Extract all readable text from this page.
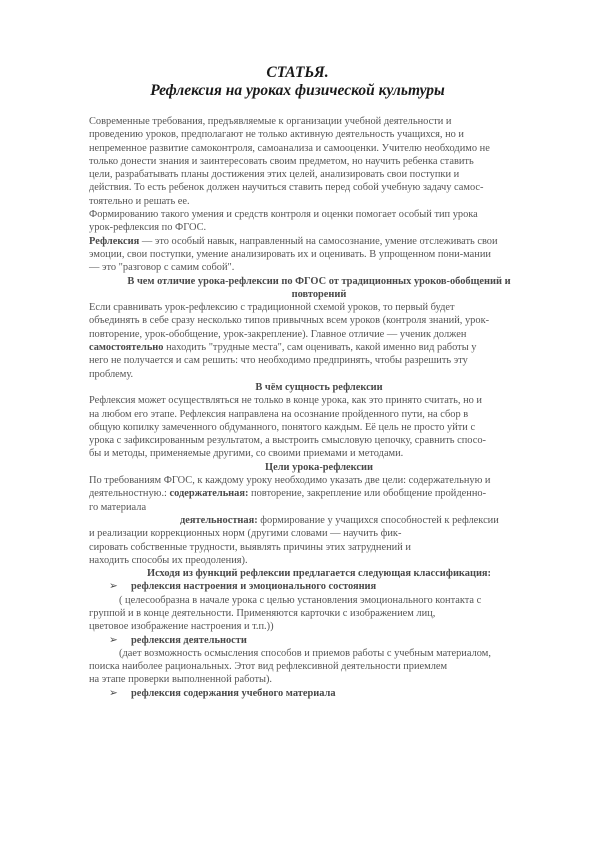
СТАТЬЯ.
Рефлексия на уроках физической культуры
Современные требования, предъявляемые к организации учебной деятельности и
проведению уроков, предполагают не только активную деятельность учащихся, но и
непременное развитие самоконтроля, самоанализа и самооценки. Учителю необходимо не
только донести знания и заинтересовать своим предметом, но научить ребенка ставить
цели, разрабатывать планы достижения этих целей, анализировать свои поступки и
действия. То есть ребенок должен научиться ставить перед собой учебную задачу самос-
тоятельно и решать ее.
Формированию такого умения и средств контроля и оценки помогает особый тип урока
урок-рефлексия по ФГОС.
Рефлексия — это особый навык, направленный на самосознание, умение отслеживать свои
эмоции, свои поступки, умение анализировать их и оценивать. В упрощенном пони-мании
— это "разговор с самим собой".
В чем отличие урока-рефлексии по ФГОС от традиционных уроков-обобщений и
повторений
Если сравнивать урок-рефлексию с традиционной схемой уроков, то первый будет
объединять в себе сразу несколько типов привычных всем уроков (контроля знаний, урок-
повторение, урок-обобщение, урок-закрепление). Главное отличие — ученик должен
самостоятельно находить "трудные места", сам оценивать, какой именно вид работы у
него не получается и сам решить: что необходимо предпринять, чтобы разрешить эту
проблему.
В чём сущность рефлексии
Рефлексия может осуществляться не только в конце урока, как это принято считать, но и
на любом его этапе. Рефлексия направлена на осознание пройденного пути, на сбор в
общую копилку замеченного обдуманного, понятого каждым. Её цель не просто уйти с
урока с зафиксированным результатом, а выстроить смысловую цепочку, сравнить спосо-
бы и методы, применяемые другими, со своими приемами и методами.
Цели урока-рефлексии
По требованиям ФГОС, к каждому уроку необходимо указать две цели: содержательную и
деятельностную.: содержательная: повторение, закрепление или обобщение пройденно-
го материала
деятельностная: формирование у учащихся способностей к рефлексии
и реализации коррекционных норм (другими словами — научить фик-
сировать собственные трудности, выявлять причины этих затруднений и
находить способы их преодоления).
Исходя из функций рефлексии предлагается следующая классификация:
➢ рефлексия настроения и эмоционального состояния
( целесообразна в начале урока с целью установления эмоционального контакта с
группой и в конце деятельности. Применяются карточки с изображением лиц,
цветовое изображение настроения и т.п.))
➢ рефлексия деятельности
(дает возможность осмысления способов и приемов работы с учебным материалом,
поиска наиболее рациональных. Этот вид рефлексивной деятельности приемлем
на этапе проверки выполненной работы).
➢ рефлексия содержания учебного материала
